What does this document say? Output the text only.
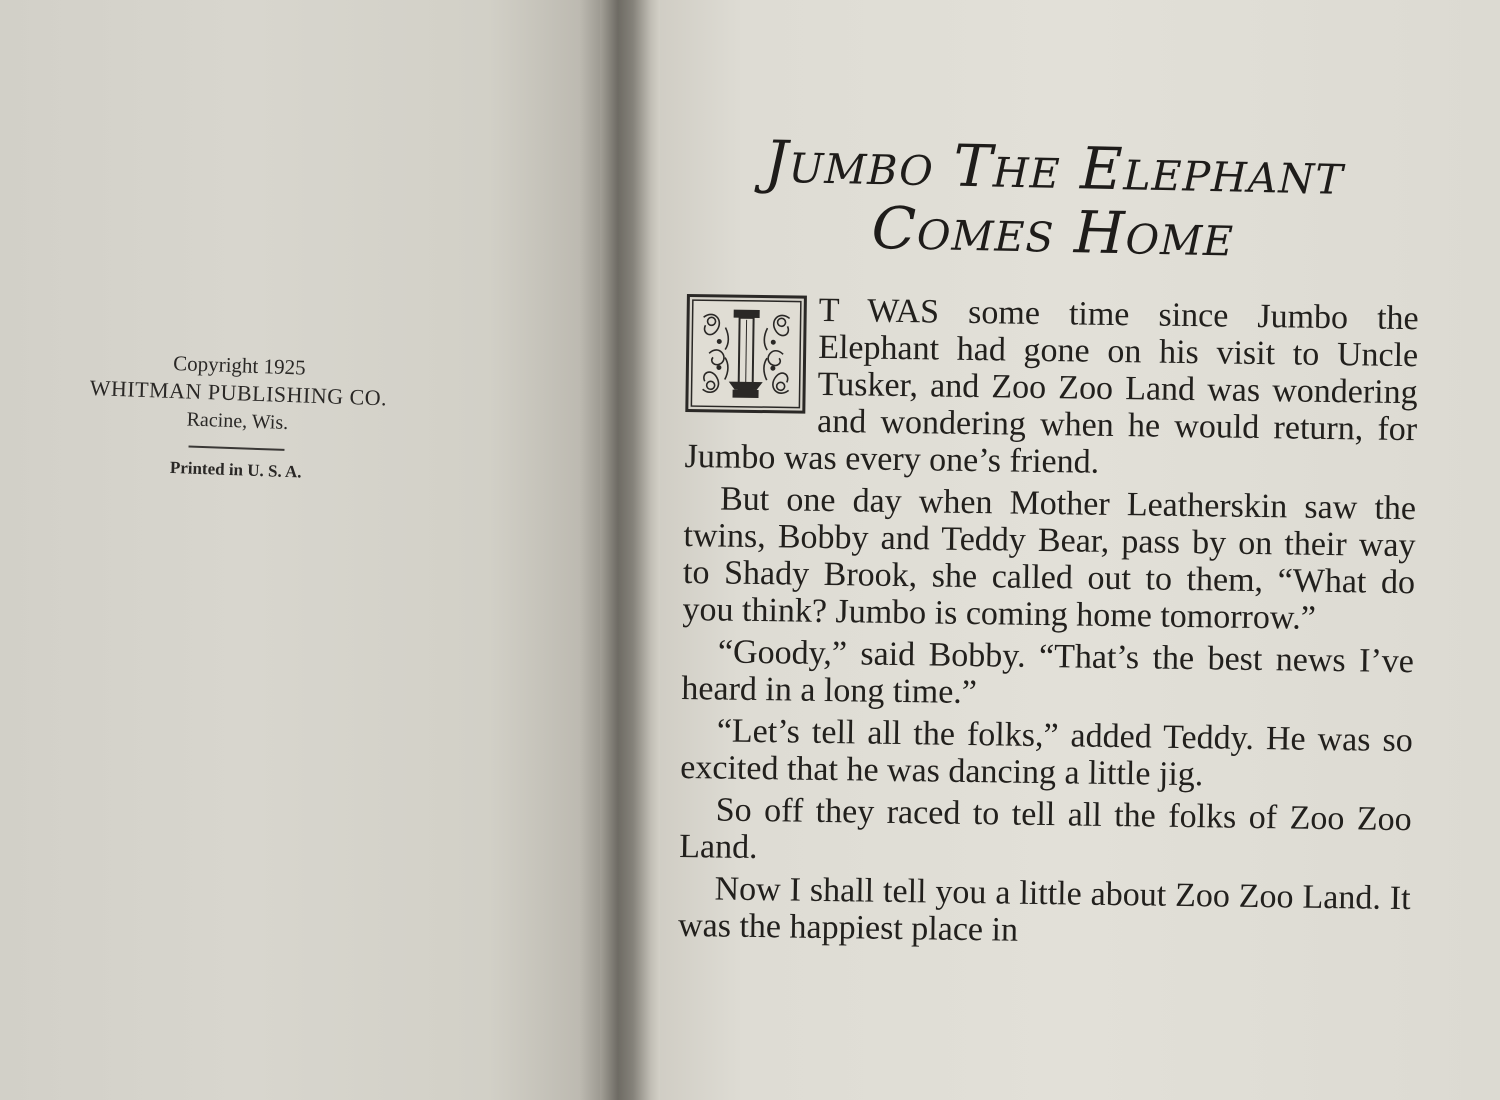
Copyright 1925
WHITMAN PUBLISHING CO.
Racine, Wis.
Printed in U. S. A.
Jumbo The Elephant
Comes Home

T WAS some time since Jumbo the Elephant had gone on his visit to Uncle Tusker, and Zoo Zoo Land was wondering and wondering when he would return, for Jumbo was every one’s friend.

But one day when Mother Leatherskin saw the twins, Bobby and Teddy Bear, pass by on their way to Shady Brook, she called out to them, “What do you think? Jumbo is coming home tomorrow.”

“Goody,” said Bobby. “That’s the best news I’ve heard in a long time.”

“Let’s tell all the folks,” added Teddy. He was so excited that he was dancing a little jig.

So off they raced to tell all the folks of Zoo Zoo Land.

Now I shall tell you a little about Zoo Zoo Land. It was the happiest place in
